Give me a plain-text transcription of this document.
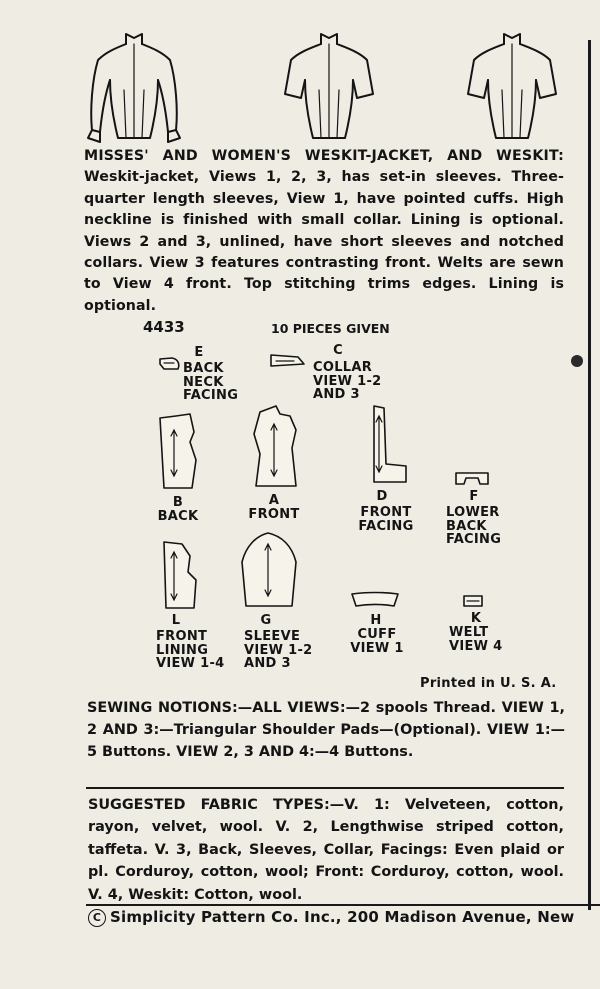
MISSES' AND WOMEN'S WESKIT-JACKET, AND WESKIT: Weskit-jacket, Views 1, 2, 3, has set-in sleeves. Three-quarter length sleeves, View 1, have pointed cuffs. High neckline is finished with small collar. Lining is optional. Views 2 and 3, unlined, have short sleeves and notched collars. View 3 features contrasting front. Welts are sewn to View 4 front. Top stitching trims edges. Lining is optional.
4433	10 PIECES GIVEN
E
BACK
NECK
FACING
C
COLLAR
VIEW 1-2
AND 3
B
BACK
A
FRONT
D
FRONT
FACING
F
LOWER
BACK
FACING
L
FRONT
LINING
VIEW 1-4
G
SLEEVE
VIEW 1-2
AND 3
H
CUFF
VIEW 1
K
WELT
VIEW 4
Printed in U. S. A.
SEWING NOTIONS:—ALL VIEWS:—2 spools Thread. VIEW 1, 2 AND 3:—Triangular Shoulder Pads—(Optional). VIEW 1:—5 Buttons. VIEW 2, 3 AND 4:—4 Buttons.
SUGGESTED FABRIC TYPES:—V. 1: Velveteen, cotton, rayon, velvet, wool. V. 2, Lengthwise striped cotton, taffeta. V. 3, Back, Sleeves, Collar, Facings: Even plaid or pl. Corduroy, cotton, wool; Front: Corduroy, cotton, wool. V. 4, Weskit: Cotton, wool.
C Simplicity Pattern Co. Inc., 200 Madison Avenue, New
